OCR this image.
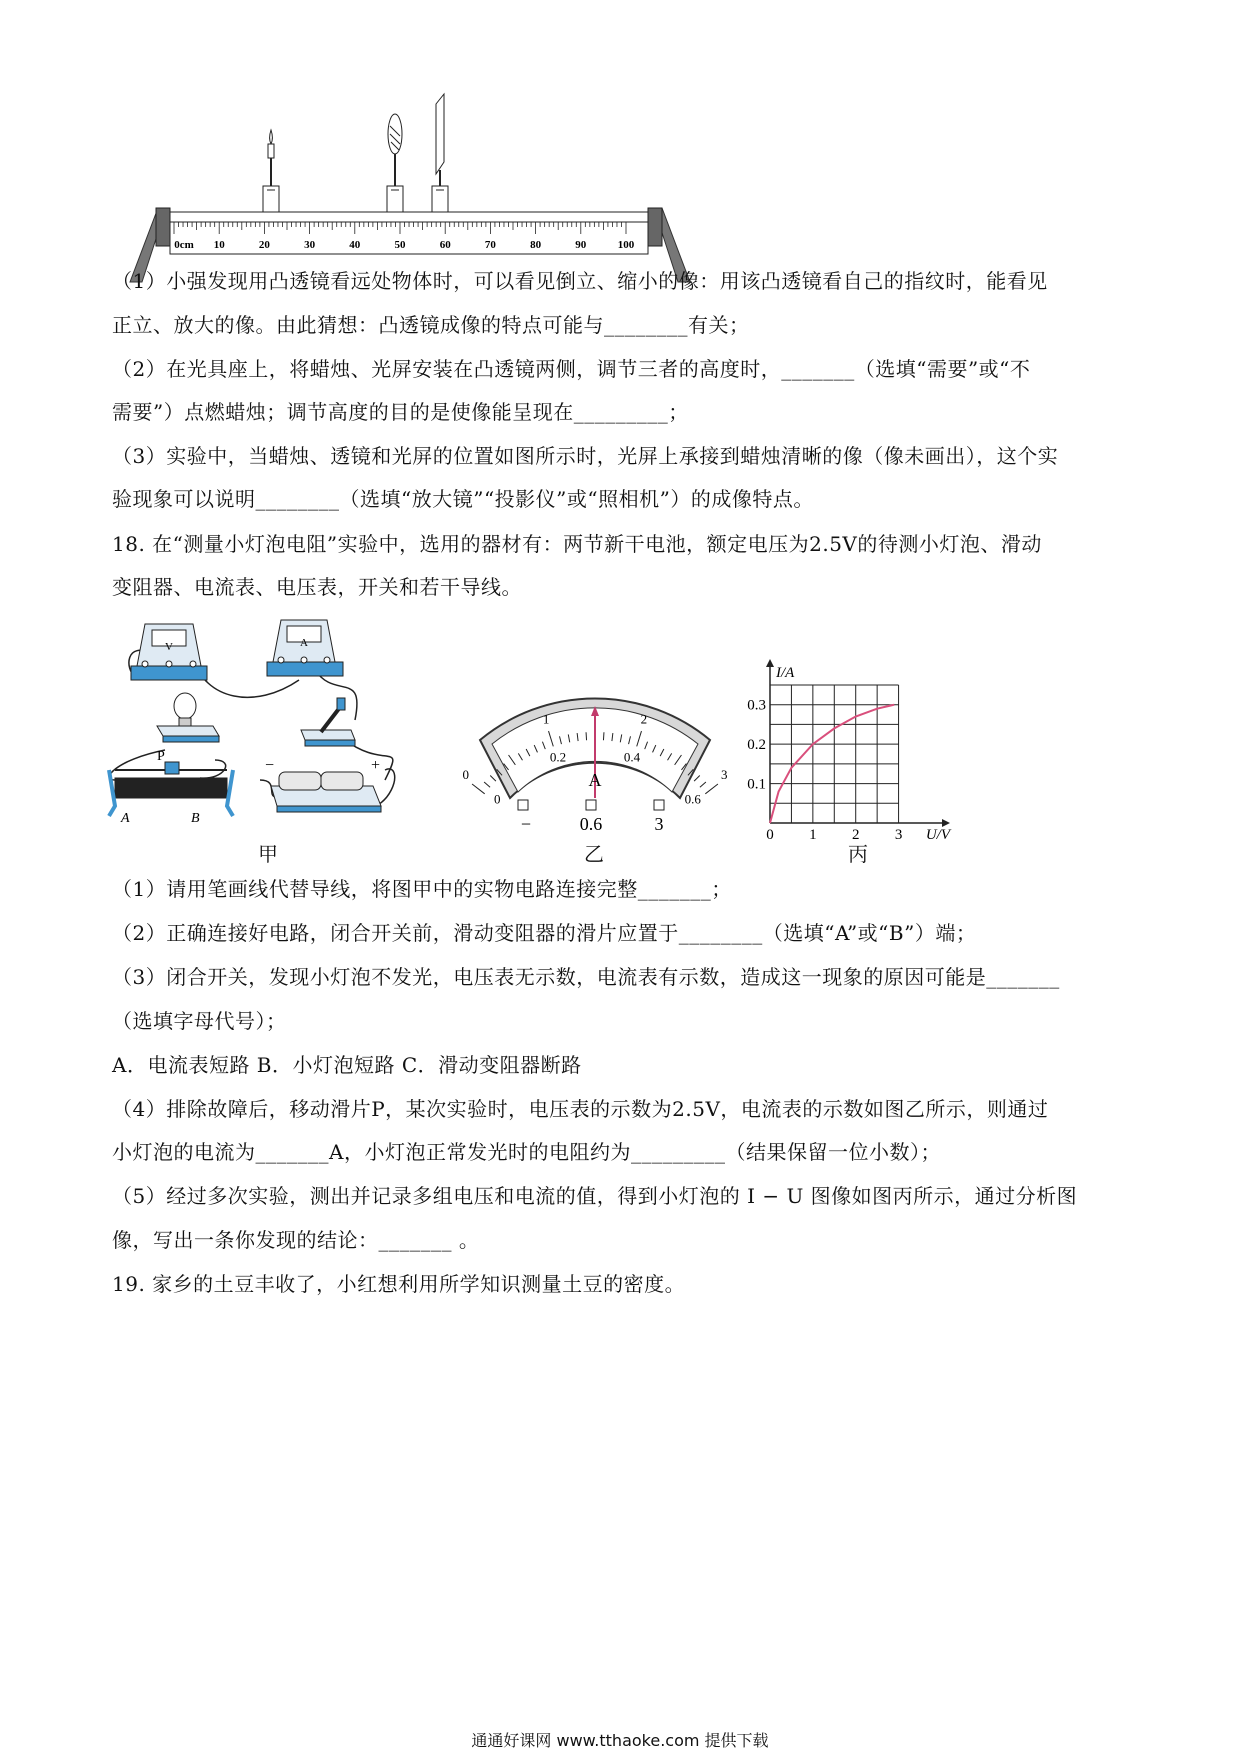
0cm 10	20	30	40	50	60	70	80	90	100
（1）小强发现用凸透镜看远处物体时，可以看见倒立、缩小的像：用该凸透镜看自己的指纹时，能看见
正立、放大的像。由此猜想：凸透镜成像的特点可能与________有关；
（2）在光具座上，将蜡烛、光屏安装在凸透镜两侧，调节三者的高度时，_______（选填“需要”或“不
需要”）点燃蜡烛；调节高度的目的是使像能呈现在_________；
（3）实验中，当蜡烛、透镜和光屏的位置如图所示时，光屏上承接到蜡烛清晰的像（像未画出），这个实
验现象可以说明________（选填“放大镜”“投影仪”或“照相机”）的成像特点。
18. 在“测量小灯泡电阻”实验中，选用的器材有：两节新干电池，额定电压为2.5V的待测小灯泡、滑动
变阻器、电流表、电压表，开关和若干导线。
V	A
P
A	B
−	+
甲
0
1	2
3
0
0.2	0.4
0.6
A
−	0.6	3
乙
1 2 3
0.1
0.2
0.3
0
I/A
U/V
丙
（1）请用笔画线代替导线，将图甲中的实物电路连接完整_______；
（2）正确连接好电路，闭合开关前，滑动变阻器的滑片应置于________（选填“A”或“B”）端；
（3）闭合开关，发现小灯泡不发光，电压表无示数，电流表有示数，造成这一现象的原因可能是_______
（选填字母代号）；
A．电流表短路 B．小灯泡短路 C．滑动变阻器断路
（4）排除故障后，移动滑片P，某次实验时，电压表的示数为2.5V，电流表的示数如图乙所示，则通过
小灯泡的电流为_______A，小灯泡正常发光时的电阻约为_________（结果保留一位小数）；
（5）经过多次实验，测出并记录多组电压和电流的值，得到小灯泡的 I − U 图像如图丙所示，通过分析图
像，写出一条你发现的结论：_______ 。
19. 家乡的土豆丰收了，小红想利用所学知识测量土豆的密度。
通通好课网 www.tthaoke.com 提供下载
